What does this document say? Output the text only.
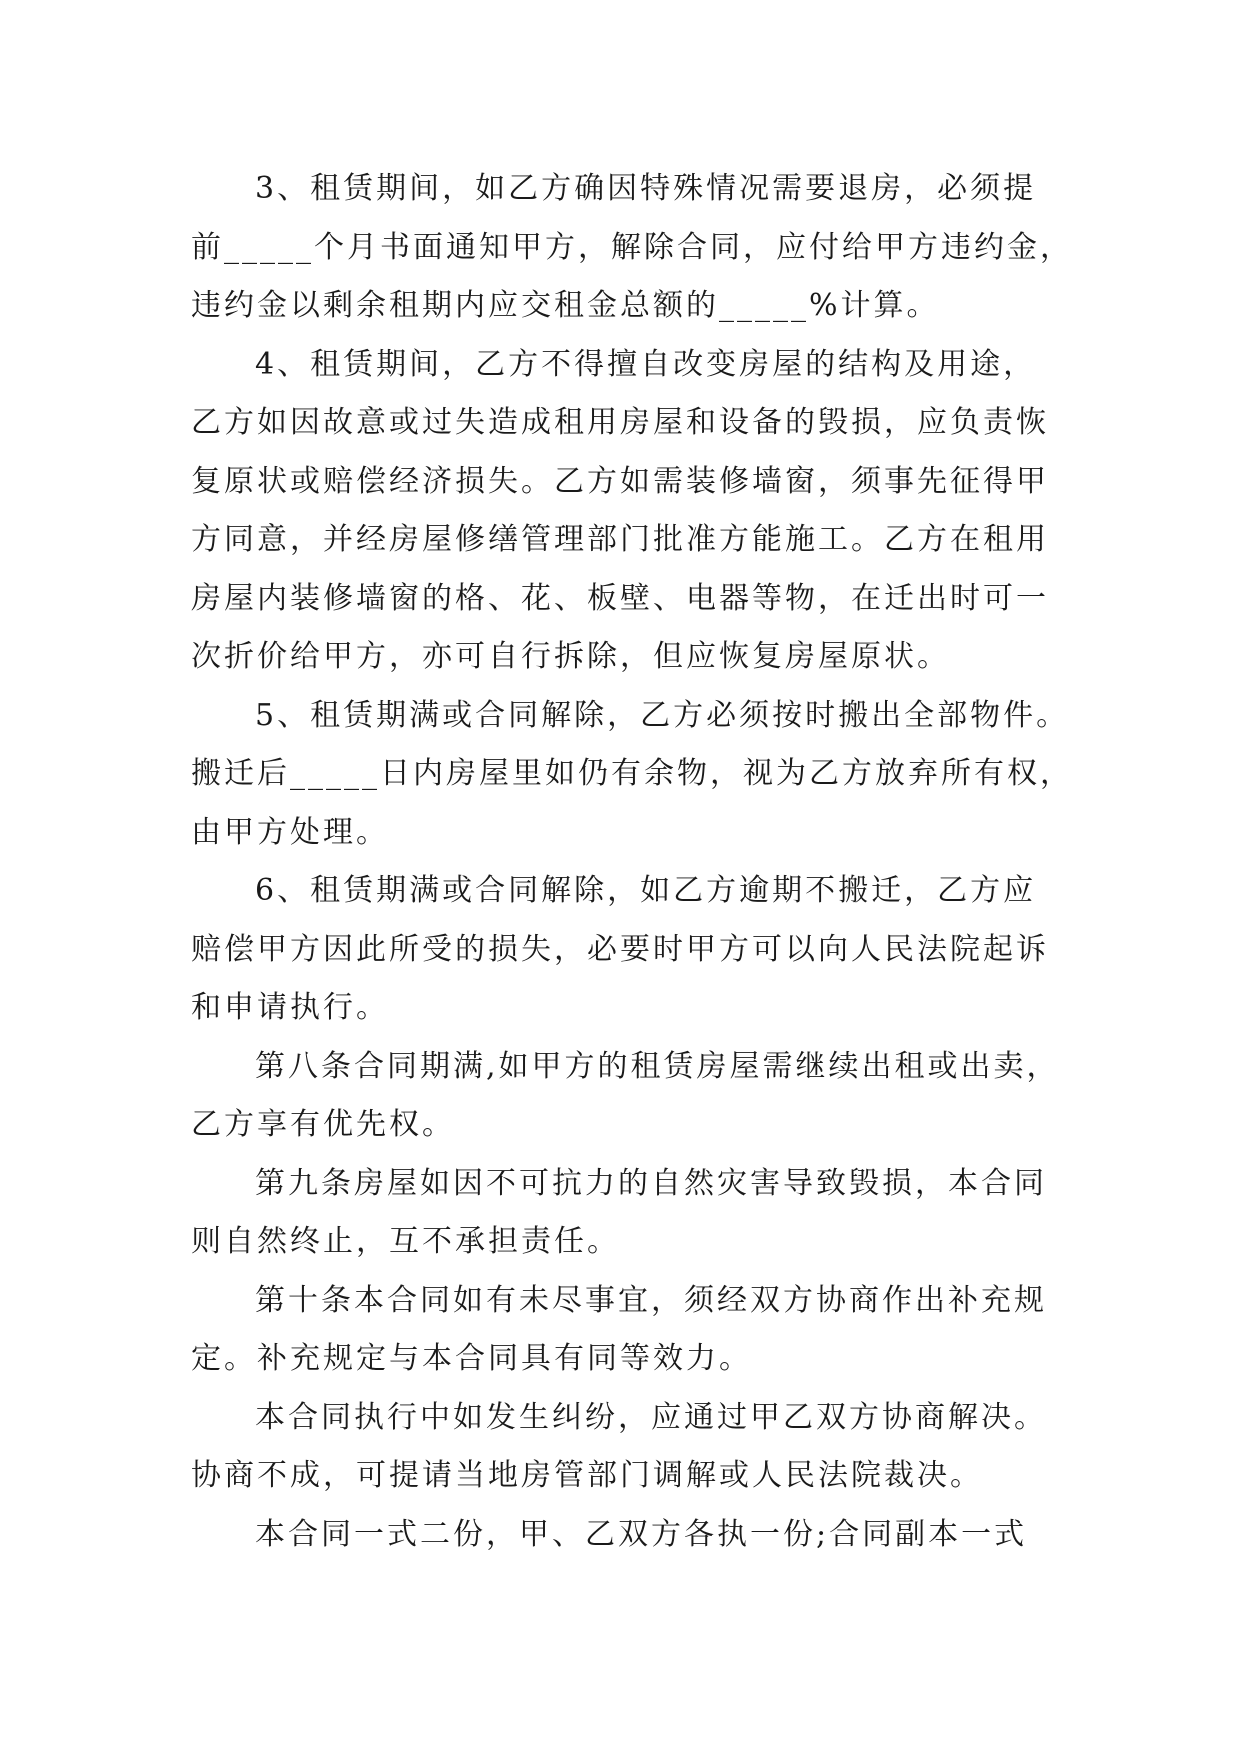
3、租赁期间，如乙方确因特殊情况需要退房，必须提
前_____个月书面通知甲方，解除合同，应付给甲方违约金，
违约金以剩余租期内应交租金总额的_____%计算。
4、租赁期间，乙方不得擅自改变房屋的结构及用途，
乙方如因故意或过失造成租用房屋和设备的毁损，应负责恢
复原状或赔偿经济损失。乙方如需装修墙窗，须事先征得甲
方同意，并经房屋修缮管理部门批准方能施工。乙方在租用
房屋内装修墙窗的格、花、板壁、电器等物，在迁出时可一
次折价给甲方，亦可自行拆除，但应恢复房屋原状。
5、租赁期满或合同解除，乙方必须按时搬出全部物件。
搬迁后_____日内房屋里如仍有余物，视为乙方放弃所有权，
由甲方处理。
6、租赁期满或合同解除，如乙方逾期不搬迁，乙方应
赔偿甲方因此所受的损失，必要时甲方可以向人民法院起诉
和申请执行。
第八条合同期满,如甲方的租赁房屋需继续出租或出卖，
乙方享有优先权。
第九条房屋如因不可抗力的自然灾害导致毁损，本合同
则自然终止，互不承担责任。
第十条本合同如有未尽事宜，须经双方协商作出补充规
定。补充规定与本合同具有同等效力。
本合同执行中如发生纠纷，应通过甲乙双方协商解决。
协商不成，可提请当地房管部门调解或人民法院裁决。
本合同一式二份，甲、乙双方各执一份;合同副本一式
